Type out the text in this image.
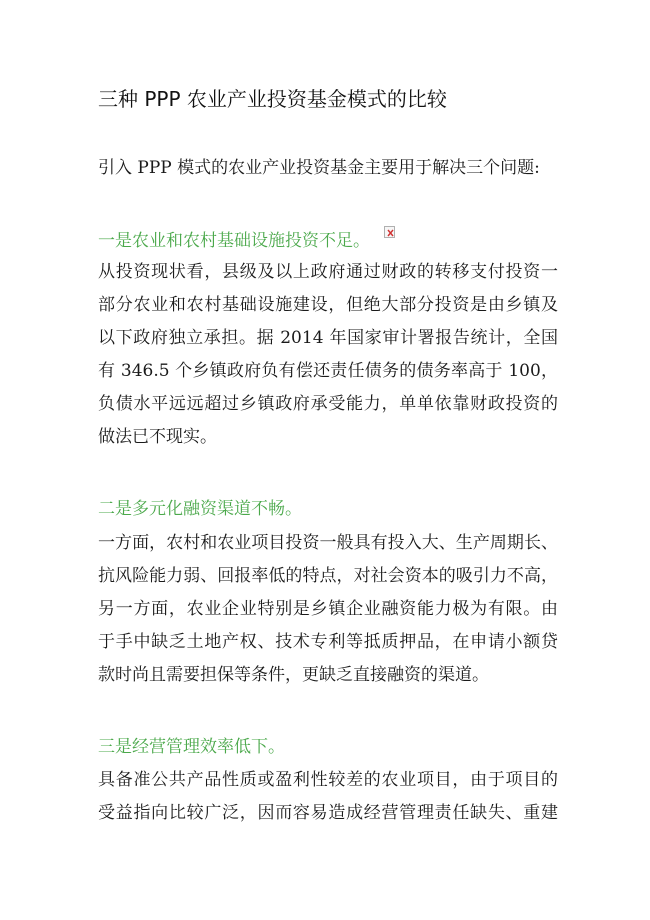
三种 PPP 农业产业投资基金模式的比较
引入 PPP 模式的农业产业投资基金主要用于解决三个问题:
一是农业和农村基础设施投资不足。
从投资现状看，县级及以上政府通过财政的转移支付投资一
部分农业和农村基础设施建设，但绝大部分投资是由乡镇及
以下政府独立承担。据 2014 年国家审计署报告统计，全国
有 346.5 个乡镇政府负有偿还责任债务的债务率高于 100，
负债水平远远超过乡镇政府承受能力，单单依靠财政投资的
做法已不现实。
二是多元化融资渠道不畅。
一方面，农村和农业项目投资一般具有投入大、生产周期长、
抗风险能力弱、回报率低的特点，对社会资本的吸引力不高，
另一方面，农业企业特别是乡镇企业融资能力极为有限。由
于手中缺乏土地产权、技术专利等抵质押品，在申请小额贷
款时尚且需要担保等条件，更缺乏直接融资的渠道。
三是经营管理效率低下。
具备准公共产品性质或盈利性较差的农业项目，由于项目的
受益指向比较广泛，因而容易造成经营管理责任缺失、重建
